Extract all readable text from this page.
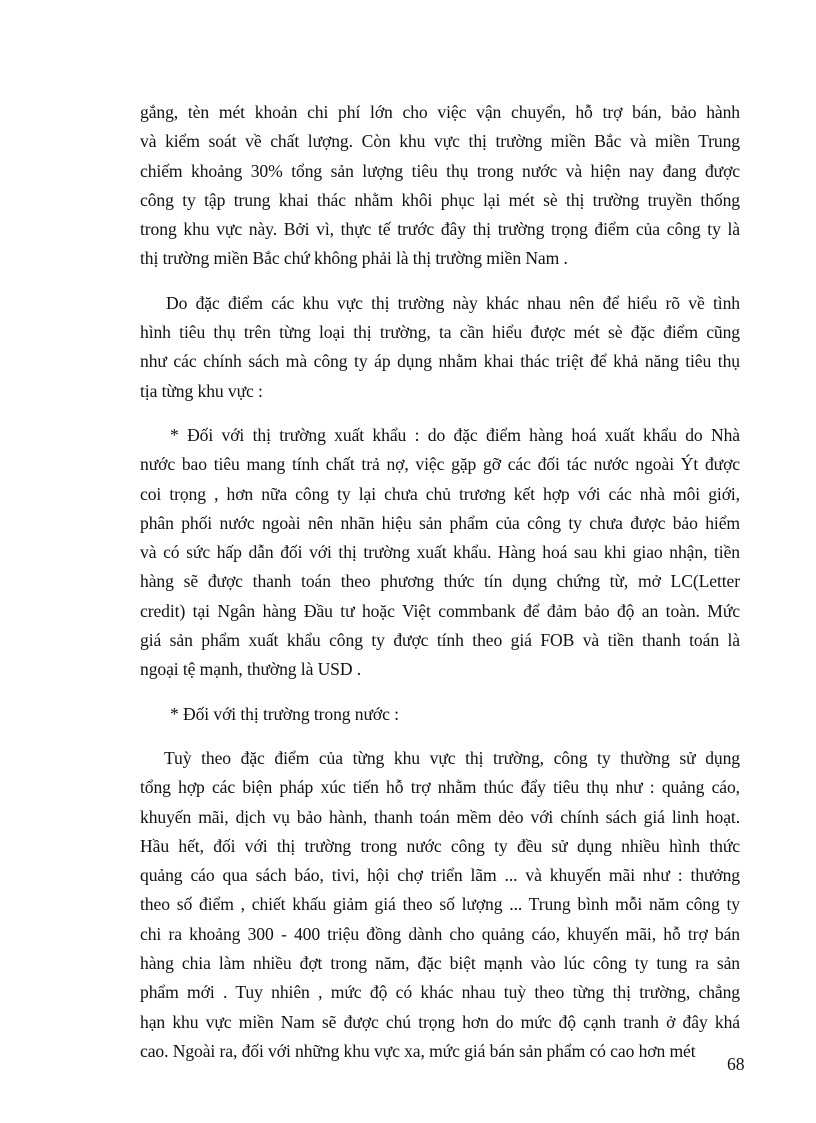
gắng, tèn mét khoản chi phí lớn cho việc vận chuyển, hỗ trợ bán, bảo hành
và kiểm soát về chất lượng. Còn khu vực thị trường miền Bắc và miền Trung
chiếm khoảng 30% tổng sản lượng tiêu thụ trong nước và hiện nay đang được
công ty tập trung khai thác nhằm khôi phục lại mét sè thị trường truyền thống
trong khu vực này. Bởi vì, thực tế trước đây thị trường trọng điểm của công ty là
thị trường miền Bắc chứ không phải là thị trường miền Nam .
Do đặc điểm các khu vực thị trường này khác nhau nên để hiểu rõ về tình
hình tiêu thụ trên từng loại thị trường, ta cần hiểu được mét sè đặc điểm cũng
như các chính sách mà công ty áp dụng nhằm khai thác triệt để khả năng tiêu thụ
tịa từng khu vực :
* Đối với thị trường xuất khẩu : do đặc điểm hàng hoá xuất khẩu do Nhà
nước bao tiêu mang tính chất trả nợ, việc gặp gỡ các đối tác nước ngoài Ýt được
coi trọng , hơn nữa công ty lại chưa chủ trương kết hợp với các nhà môi giới,
phân phối nước ngoài nên nhãn hiệu sản phẩm của công ty chưa được bảo hiểm
và có sức hấp dẫn đối với thị trường xuất khẩu. Hàng hoá sau khi giao nhận, tiền
hàng sẽ được thanh toán theo phương thức tín dụng chứng từ, mở LC(Letter
credit) tại Ngân hàng Đầu tư hoặc Việt commbank để đảm bảo độ an toàn. Mức
giá sản phẩm xuất khẩu công ty được tính theo giá FOB và tiền thanh toán là
ngoại tệ mạnh, thường là USD .
* Đối với thị trường trong nước :
Tuỳ theo đặc điểm của từng khu vực thị trường, công ty thường sử dụng
tổng hợp các biện pháp xúc tiến hỗ trợ nhằm thúc đẩy tiêu thụ như : quảng cáo,
khuyến mãi, dịch vụ bảo hành, thanh toán mềm dẻo với chính sách giá linh hoạt.
Hầu hết, đối với thị trường trong nước công ty đều sử dụng nhiều hình thức
quảng cáo qua sách báo, tivi, hội chợ triển lãm ... và khuyến mãi như : thưởng
theo số điểm , chiết khấu giảm giá theo số lượng ... Trung bình mỗi năm công ty
chi ra khoảng 300 - 400 triệu đồng dành cho quảng cáo, khuyến mãi, hỗ trợ bán
hàng chia làm nhiều đợt trong năm, đặc biệt mạnh vào lúc công ty tung ra sản
phẩm mới . Tuy nhiên , mức độ có khác nhau tuỳ theo từng thị trường, chẳng
hạn khu vực miền Nam sẽ được chú trọng hơn do mức độ cạnh tranh ở đây khá
cao. Ngoài ra, đối với những khu vực xa, mức giá bán sản phẩm có cao hơn mét
68
